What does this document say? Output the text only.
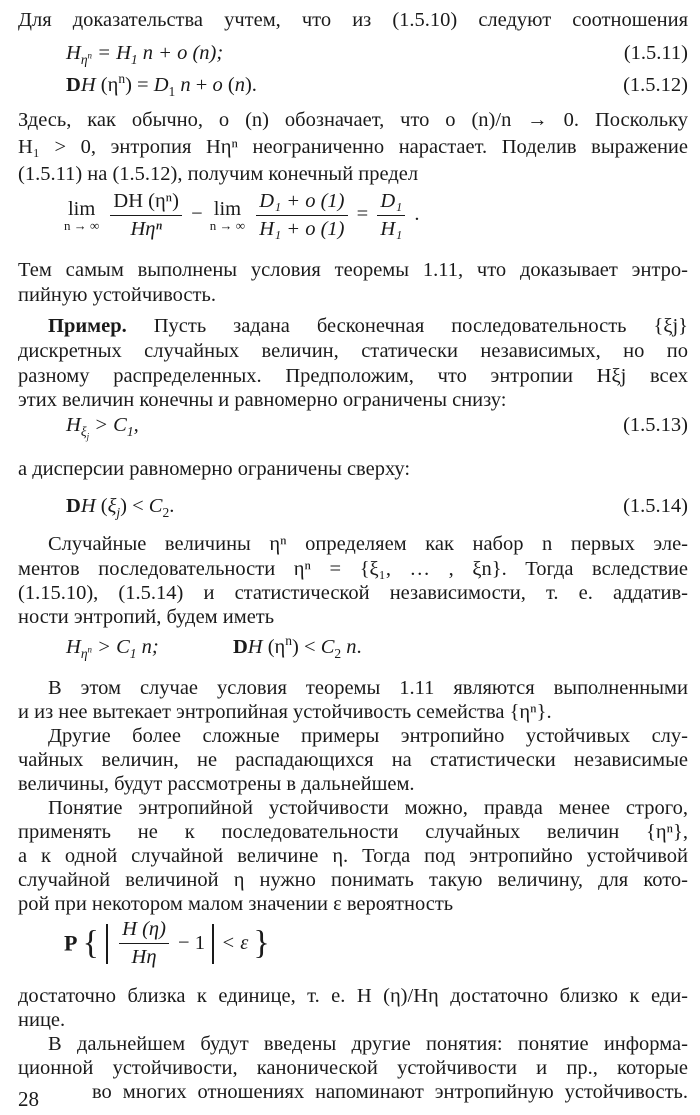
Для доказательства учтем, что из (1.5.10) следуют соотношения
$H_{\eta^n} = H_1$ n + o (n);	(1.5.11)
DH $(\eta^n) = D_1$ n + o (n).	(1.5.12)
Здесь, как обычно, o (n) обозначает, что o (n)/n → 0. Поскольку
H₁ > 0, энтропия Hηⁿ неограниченно нарастает. Поделив выражение
(1.5.11) на (1.5.12), получим конечный предел
lim
n → ∞
$\frac{\text{DH (ηⁿ)}}{\text{Hηⁿ}} - \lim$
n → ∞
$\frac{\text{D₁ + o (1)}}{\text{H₁ + o (1)}} = \frac{\text{D₁}}{\text{H₁}}$ .
Тем самым выполнены условия теоремы 1.11, что доказывает энтро-
пийную устойчивость.
Пример. Пусть задана бесконечная последовательность {ξj}
дискретных случайных величин, статически независимых, но по
разному распределенных. Предположим, что энтропии Hξj всех
этих величин конечны и равномерно ограничены снизу:
$H_{\xi_j} > C_1$,	(1.5.13)
а дисперсии равномерно ограничены сверху:
DH $(\xi_j) < C_2$.	(1.5.14)
Случайные величины ηⁿ определяем как набор n первых эле-
ментов последовательности ηⁿ = {ξ₁, … , ξn}. Тогда вследствие
(1.15.10), (1.5.14) и статистической независимости, т. е. аддатив-
ности энтропий, будем иметь
$H_{\eta^n} > C_1$ n;	DH $(\eta^n) < C_2$ n.
В этом случае условия теоремы 1.11 являются выполненными
и из нее вытекает энтропийная устойчивость семейства {ηⁿ}.
Другие более сложные примеры энтропийно устойчивых слу-
чайных величин, не распадающихся на статистически независимые
величины, будут рассмотрены в дальнейшем.
Понятие энтропийной устойчивости можно, правда менее строго,
применять не к последовательности случайных величин {ηⁿ},
а к одной случайной величине η. Тогда под энтропийно устойчивой
случайной величиной η нужно понимать такую величину, для кото-
рой при некотором малом значении ε вероятность
P { $\frac{H (\eta)}{H\eta} - 1 < \varepsilon$ }
достаточно близка к единице, т. е. H (η)/Hη достаточно близко к еди-
нице.
В дальнейшем будут введены другие понятия: понятие информа-
ционной устойчивости, канонической устойчивости и пр., которые
во многих отношениях напоминают энтропийную устойчивость.
28
